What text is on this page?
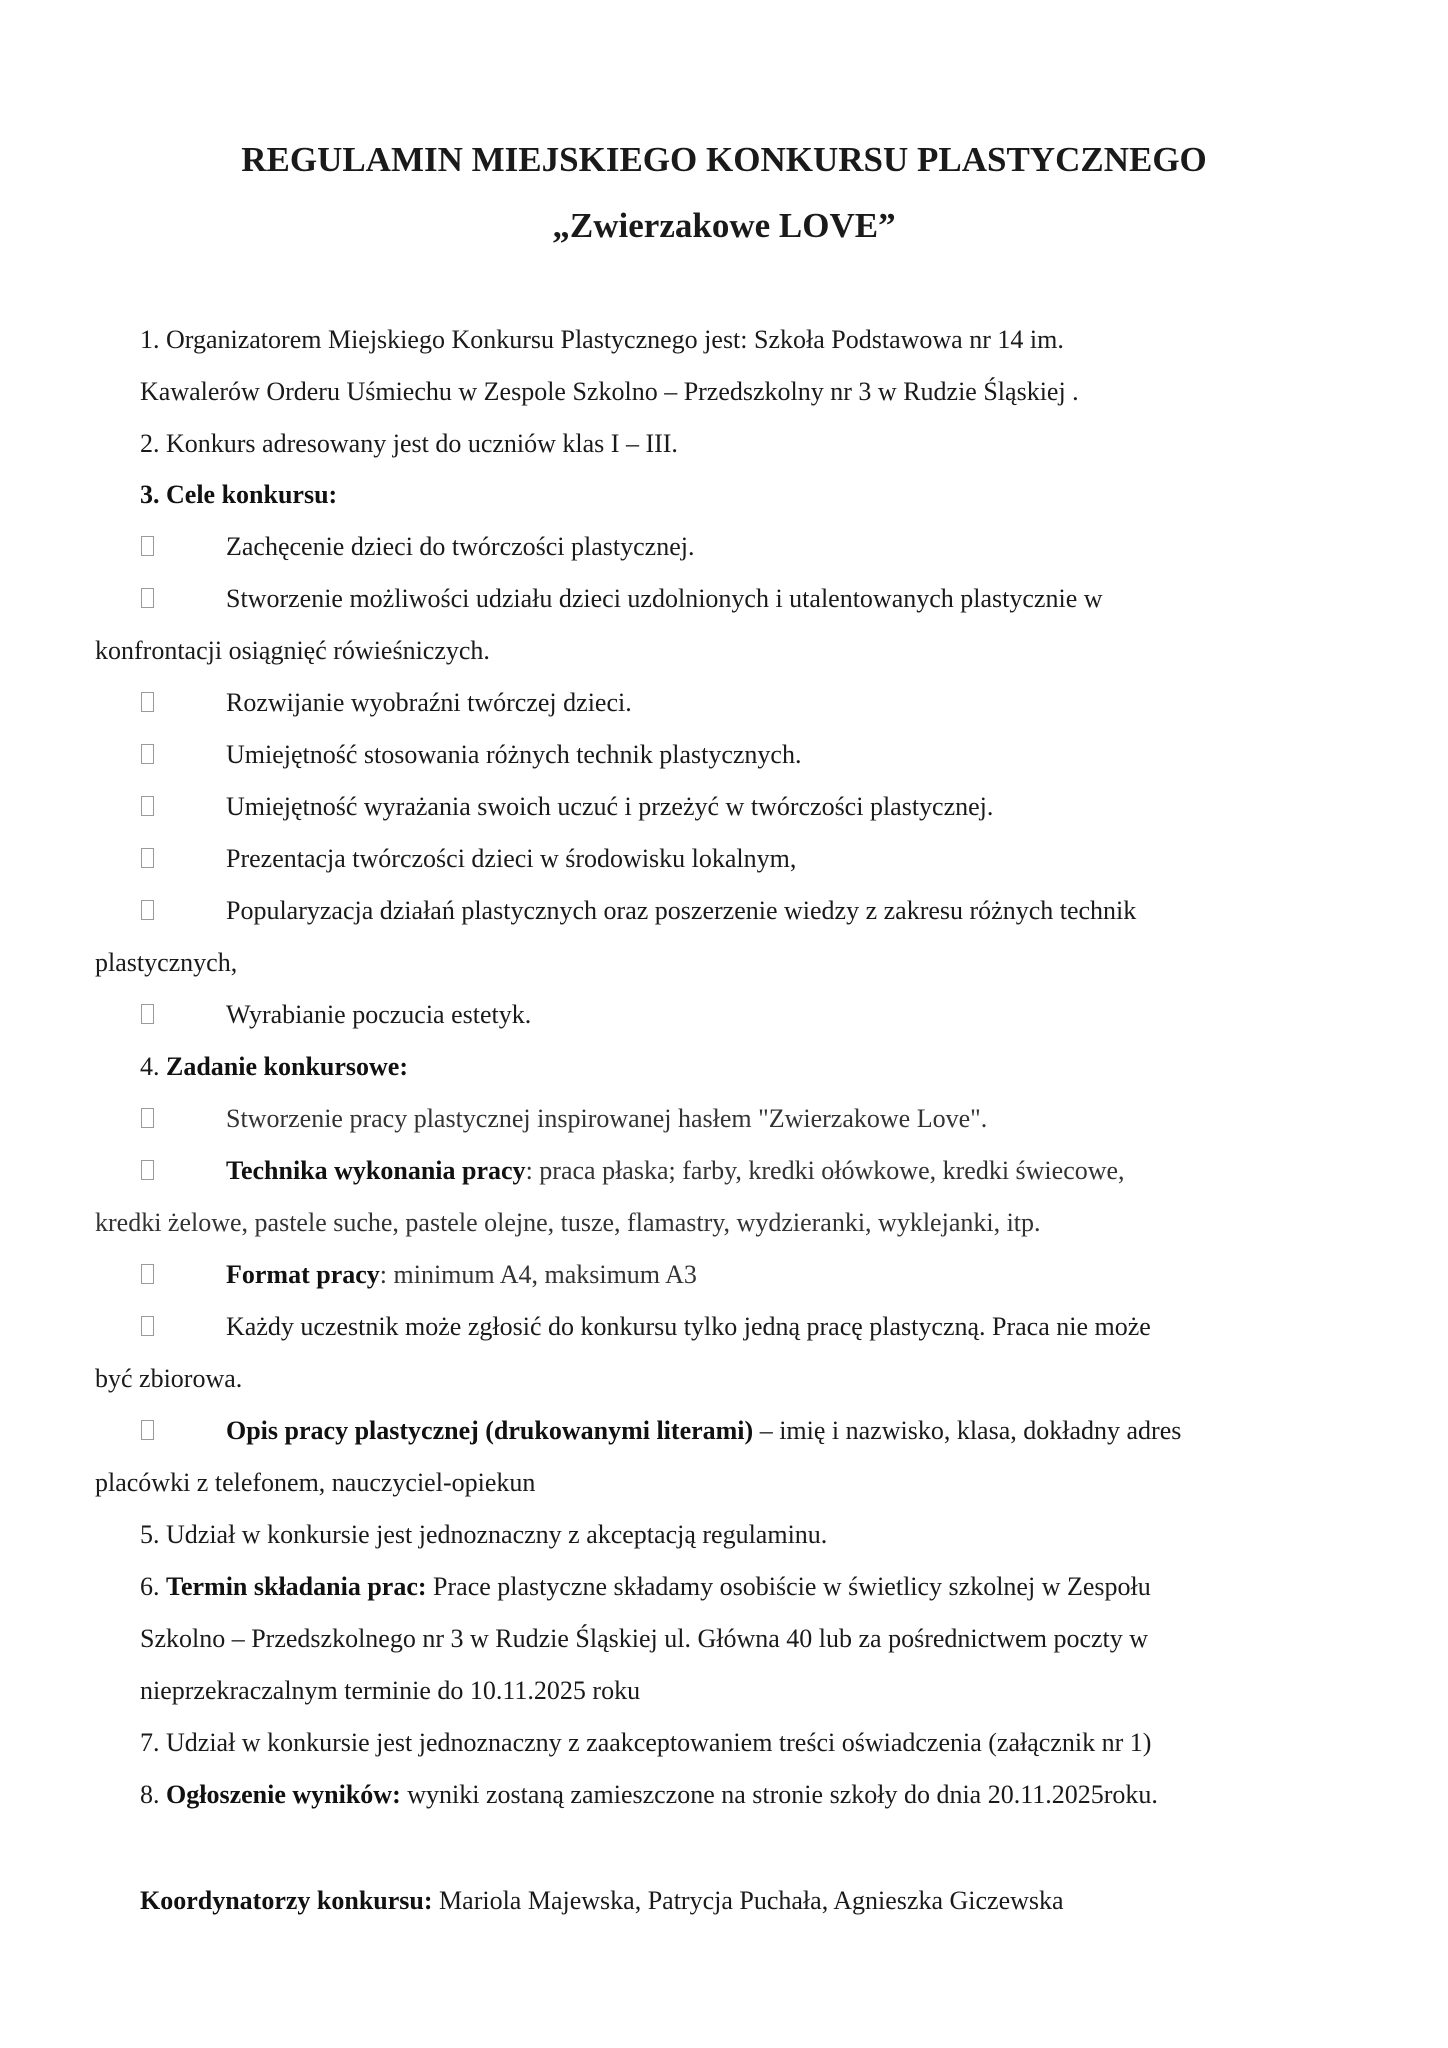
REGULAMIN MIEJSKIEGO KONKURSU PLASTYCZNEGO
„Zwierzakowe LOVE”
1. Organizatorem Miejskiego Konkursu Plastycznego jest: Szkoła Podstawowa nr 14 im.
Kawalerów Orderu Uśmiechu w Zespole Szkolno – Przedszkolny nr 3 w Rudzie Śląskiej .
2. Konkurs adresowany jest do uczniów klas I – III.
3. Cele konkursu:
Zachęcenie dzieci do twórczości plastycznej.
Stworzenie możliwości udziału dzieci uzdolnionych i utalentowanych plastycznie w
konfrontacji osiągnięć rówieśniczych.
Rozwijanie wyobraźni twórczej dzieci.
Umiejętność stosowania różnych technik plastycznych.
Umiejętność wyrażania swoich uczuć i przeżyć w twórczości plastycznej.
Prezentacja twórczości dzieci w środowisku lokalnym,
Popularyzacja działań plastycznych oraz poszerzenie wiedzy z zakresu różnych technik
plastycznych,
Wyrabianie poczucia estetyk.
4. Zadanie konkursowe:
Stworzenie pracy plastycznej inspirowanej hasłem "Zwierzakowe Love".
Technika wykonania pracy: praca płaska; farby, kredki ołówkowe, kredki świecowe,
kredki żelowe, pastele suche, pastele olejne, tusze, flamastry, wydzieranki, wyklejanki, itp.
Format pracy: minimum A4, maksimum A3
Każdy uczestnik może zgłosić do konkursu tylko jedną pracę plastyczną. Praca nie może
być zbiorowa.
Opis pracy plastycznej (drukowanymi literami) – imię i nazwisko, klasa, dokładny adres
placówki z telefonem, nauczyciel-opiekun
5. Udział w konkursie jest jednoznaczny z akceptacją regulaminu.
6. Termin składania prac: Prace plastyczne składamy osobiście w świetlicy szkolnej w Zespołu
Szkolno – Przedszkolnego nr 3 w Rudzie Śląskiej ul. Główna 40 lub za pośrednictwem poczty w
nieprzekraczalnym terminie do 10.11.2025 roku
7. Udział w konkursie jest jednoznaczny z zaakceptowaniem treści oświadczenia (załącznik nr 1)
8. Ogłoszenie wyników: wyniki zostaną zamieszczone na stronie szkoły do dnia 20.11.2025roku.
Koordynatorzy konkursu: Mariola Majewska, Patrycja Puchała, Agnieszka Giczewska
